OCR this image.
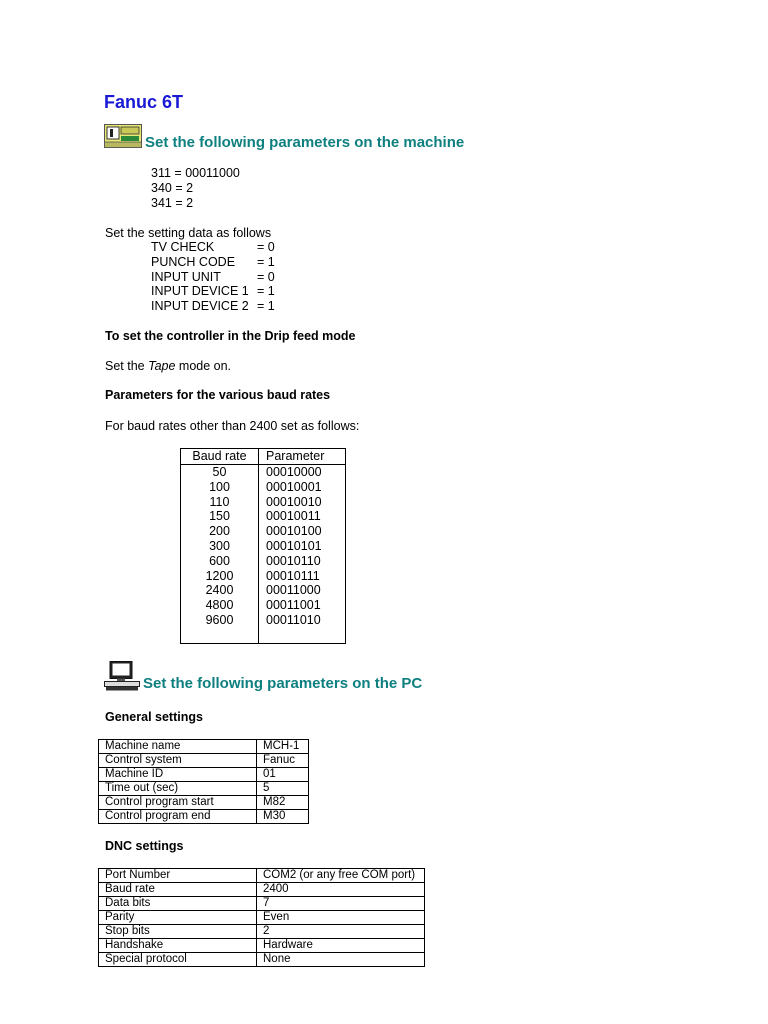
Fanuc 6T
Set the following parameters on the machine
311 = 00011000
340 = 2
341 = 2
Set the setting data as follows
TV CHECK	= 0
PUNCH CODE = 1
INPUT UNIT	= 0
INPUT DEVICE 1 = 1
INPUT DEVICE 2 = 1
To set the controller in the Drip feed mode
Set the Tape mode on.
Parameters for the various baud rates
For baud rates other than 2400 set as follows:
Baud rate	Parameter
50	00010000
100	00010001
110	00010010
150	00010011
200	00010100
300	00010101
600	00010110
1200	00010111
2400	00011000
4800	00011001
9600	00011010

Set the following parameters on the PC
General settings
Machine name	MCH-1
Control system	Fanuc
Machine ID	01
Time out (sec)	5
Control program start	M82
Control program end	M30
DNC settings
Port Number	COM2 (or any free COM port)
Baud rate	2400
Data bits	7
Parity	Even
Stop bits	2
Handshake	Hardware
Special protocol	None
